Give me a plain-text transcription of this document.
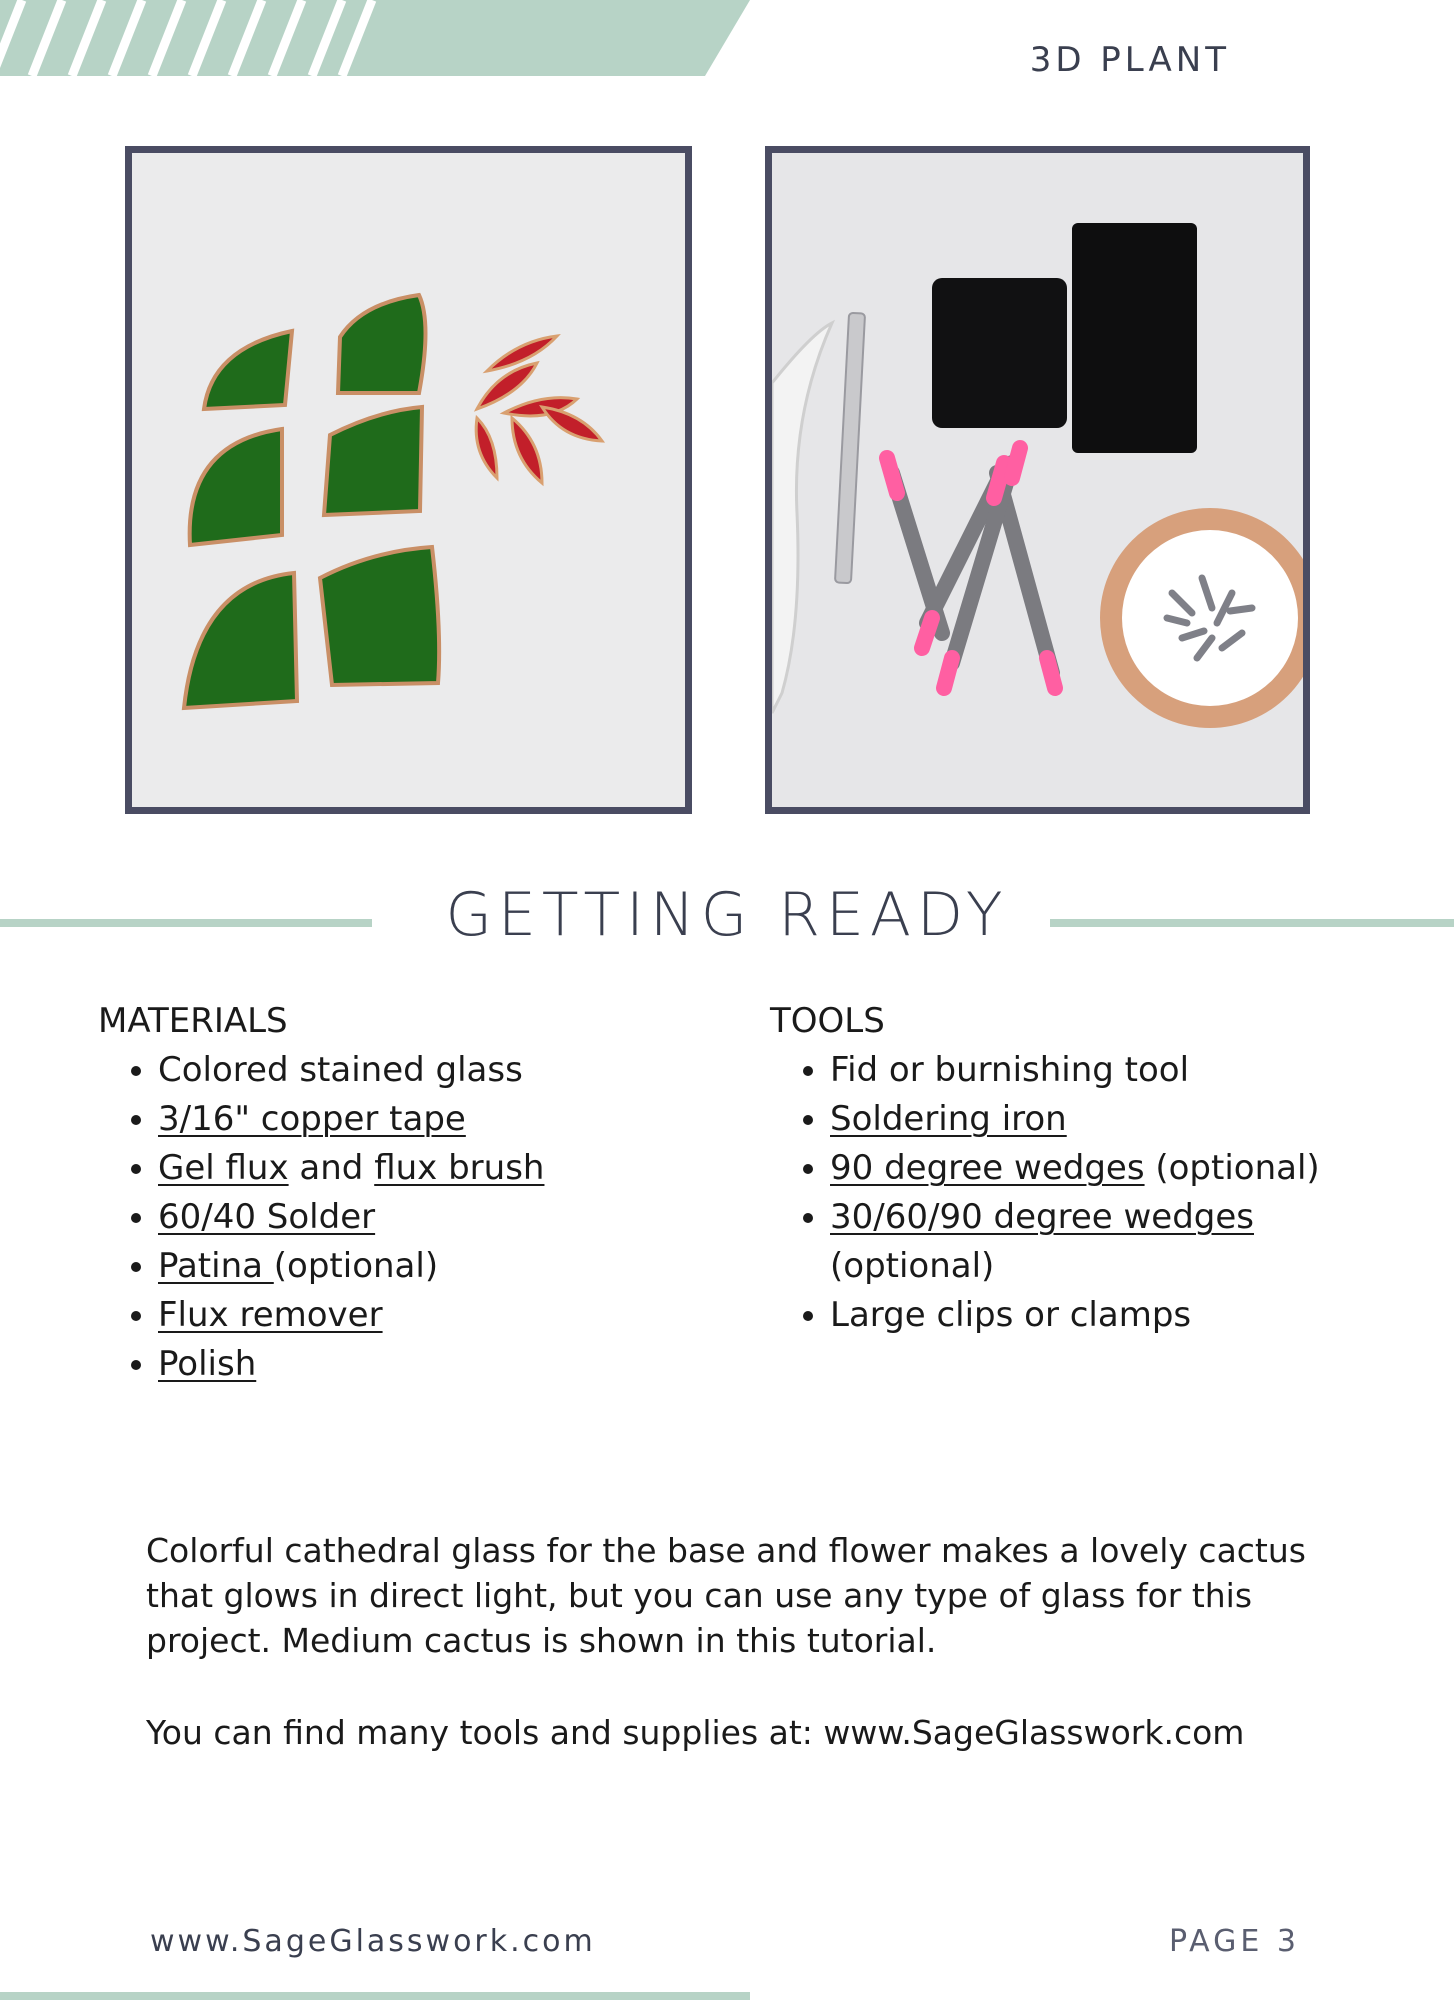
3D PLANT
GETTING READY

MATERIALS

• Colored stained glass
• 3/16" copper tape
• Gel flux and flux brush
• 60/40 Solder
• Patina (optional)
• Flux remover
• Polish

TOOLS

• Fid or burnishing tool
• Soldering iron
• 90 degree wedges (optional)
• 30/60/90 degree wedges (optional)
• Large clips or clamps

Colorful cathedral glass for the base and flower makes a lovely cactus that glows in direct light, but you can use any type of glass for this project. Medium cactus is shown in this tutorial.

You can find many tools and supplies at: www.SageGlasswork.com

www.SageGlasswork.com	PAGE 3
